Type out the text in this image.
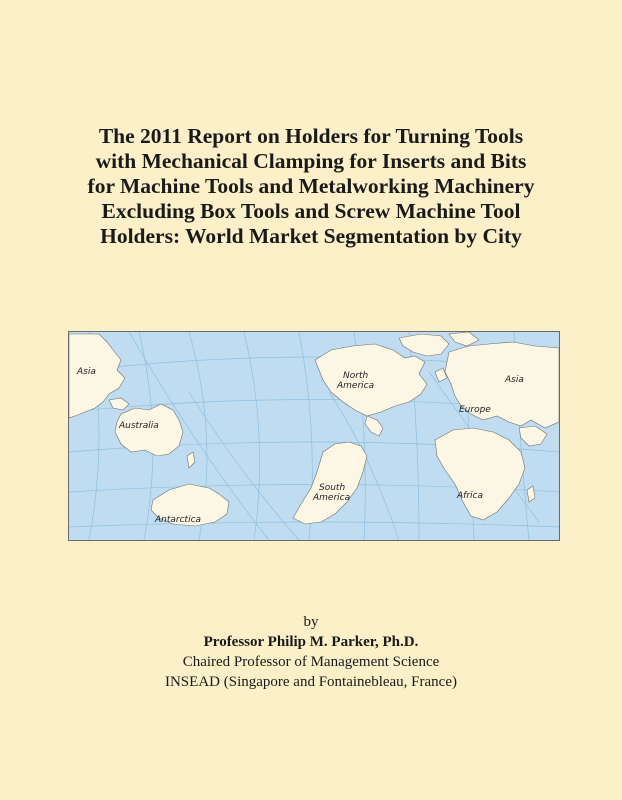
The 2011 Report on Holders for Turning Tools
with Mechanical Clamping for Inserts and Bits
for Machine Tools and Metalworking Machinery
Excluding Box Tools and Screw Machine Tool
Holders: World Market Segmentation by City
Asia
Australia
Antarctica
North
America
South
America
Asia
Europe
Africa
by
Professor Philip M. Parker, Ph.D.
Chaired Professor of Management Science
INSEAD (Singapore and Fontainebleau, France)
